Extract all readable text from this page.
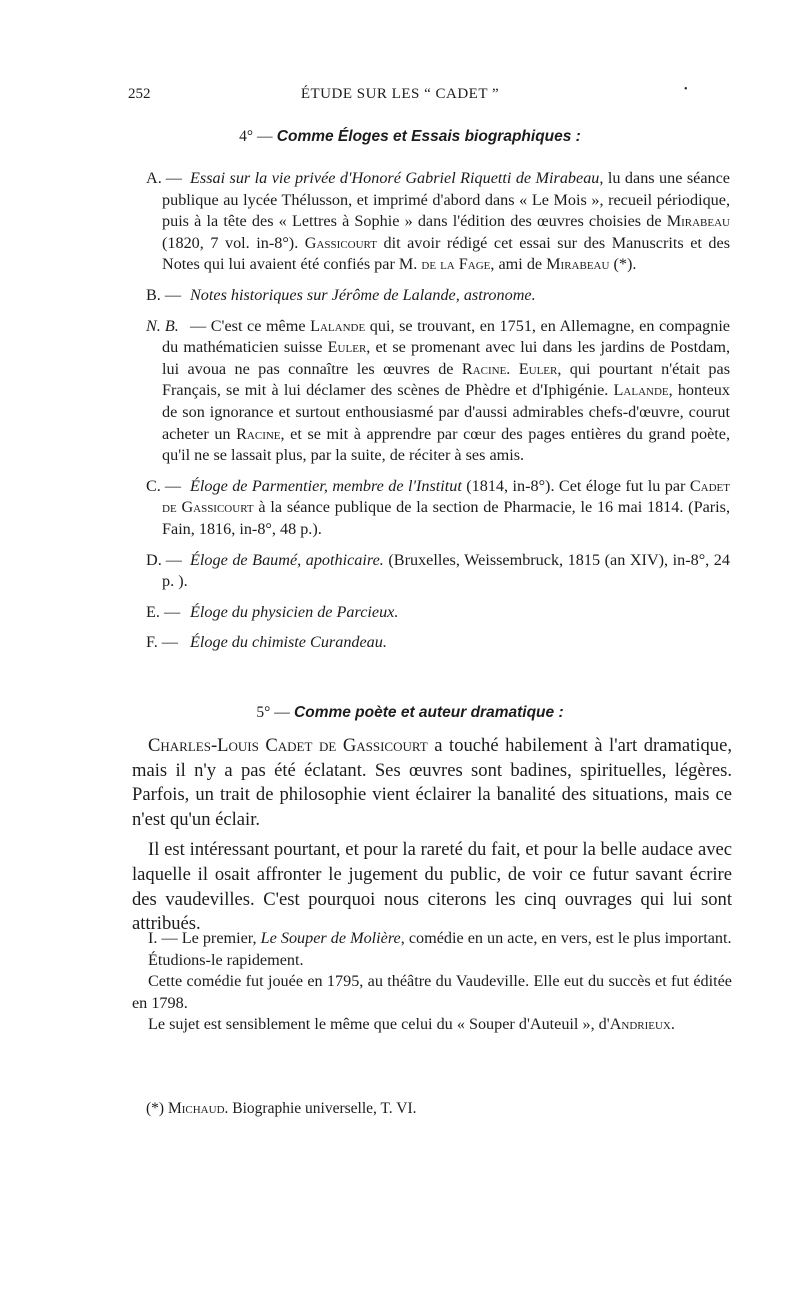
252	ÉTUDE SUR LES “ CADET ”	•
4° — Comme Éloges et Essais biographiques :
A. — Essai sur la vie privée d'Honoré Gabriel Riquetti de Mirabeau, lu dans une séance publique au lycée Thélusson, et imprimé d'abord dans « Le Mois », recueil périodique, puis à la tête des « Lettres à Sophie » dans l'édition des œuvres choisies de Mirabeau (1820, 7 vol. in-8°). Gassicourt dit avoir rédigé cet essai sur des Manuscrits et des Notes qui lui avaient été confiés par M. de la Fage, ami de Mirabeau (*).
B. — Notes historiques sur Jérôme de Lalande, astronome.
N. B. — C'est ce même Lalande qui, se trouvant, en 1751, en Allemagne, en compagnie du mathématicien suisse Euler, et se promenant avec lui dans les jardins de Postdam, lui avoua ne pas connaître les œuvres de Racine. Euler, qui pourtant n'était pas Français, se mit à lui déclamer des scènes de Phèdre et d'Iphigénie. Lalande, honteux de son ignorance et surtout enthousiasmé par d'aussi admirables chefs-d'œuvre, courut acheter un Racine, et se mit à apprendre par cœur des pages entières du grand poète, qu'il ne se lassait plus, par la suite, de réciter à ses amis.
C. — Éloge de Parmentier, membre de l'Institut (1814, in-8°). Cet éloge fut lu par Cadet de Gassicourt à la séance publique de la section de Pharmacie, le 16 mai 1814. (Paris, Fain, 1816, in-8°, 48 p.).
D. — Éloge de Baumé, apothicaire. (Bruxelles, Weissembruck, 1815 (an XIV), in-8°, 24 p. ).
E. — Éloge du physicien de Parcieux.
F. — Éloge du chimiste Curandeau.
5° — Comme poète et auteur dramatique :

Charles-Louis Cadet de Gassicourt a touché habilement à l'art dramatique, mais il n'y a pas été éclatant. Ses œuvres sont badines, spirituelles, légères. Parfois, un trait de philosophie vient éclairer la banalité des situations, mais ce n'est qu'un éclair.

Il est intéressant pourtant, et pour la rareté du fait, et pour la belle audace avec laquelle il osait affronter le jugement du public, de voir ce futur savant écrire des vaudevilles. C'est pourquoi nous citerons les cinq ouvrages qui lui sont attribués.

I. — Le premier, Le Souper de Molière, comédie en un acte, en vers, est le plus important.

Étudions-le rapidement.

Cette comédie fut jouée en 1795, au théâtre du Vaudeville. Elle eut du succès et fut éditée en 1798.

Le sujet est sensiblement le même que celui du « Souper d'Auteuil », d'Andrieux.

(*) Michaud. Biographie universelle, T. VI.
